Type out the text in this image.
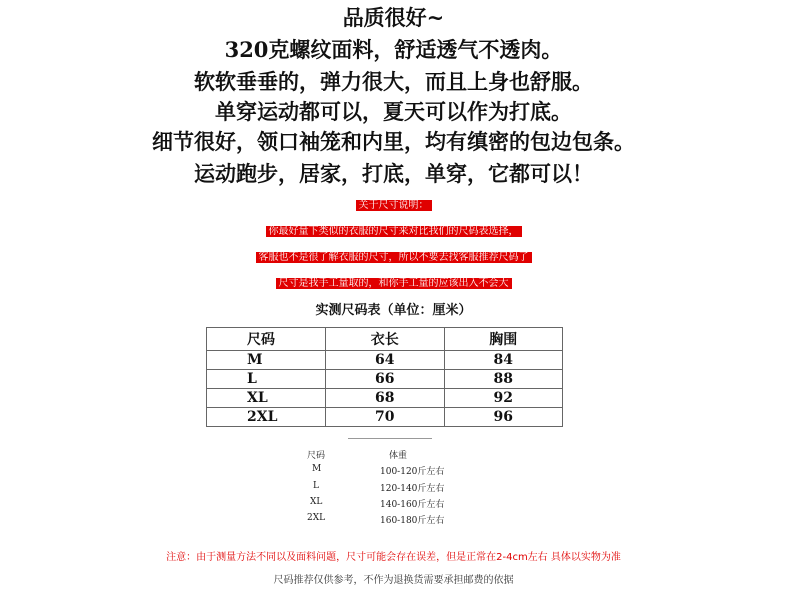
品质很好~
320克螺纹面料，舒适透气不透肉。
软软垂垂的，弹力很大，而且上身也舒服。
单穿运动都可以，夏天可以作为打底。
细节很好，领口袖笼和内里，均有缜密的包边包条。
运动跑步，居家，打底，单穿，它都可以！
关于尺寸说明：
你最好量下类似的衣服的尺寸来对比我们的尺码表选择，
客服也不是很了解衣服的尺寸，所以不要去找客服推荐尺码了
尺寸是我手工量取的，和你手工量的应该出入不会大
实测尺码表（单位：厘米）
尺码	衣长	胸围
M	64	84
L	66	88
XL	68	92
2XL	70	96
尺码	体重
M	100-120斤左右
L	120-140斤左右
XL	140-160斤左右
2XL	160-180斤左右
注意：由于测量方法不同以及面料问题，尺寸可能会存在误差，但是正常在2-4cm左右 具体以实物为准
尺码推荐仅供参考，不作为退换货需要承担邮费的依据
